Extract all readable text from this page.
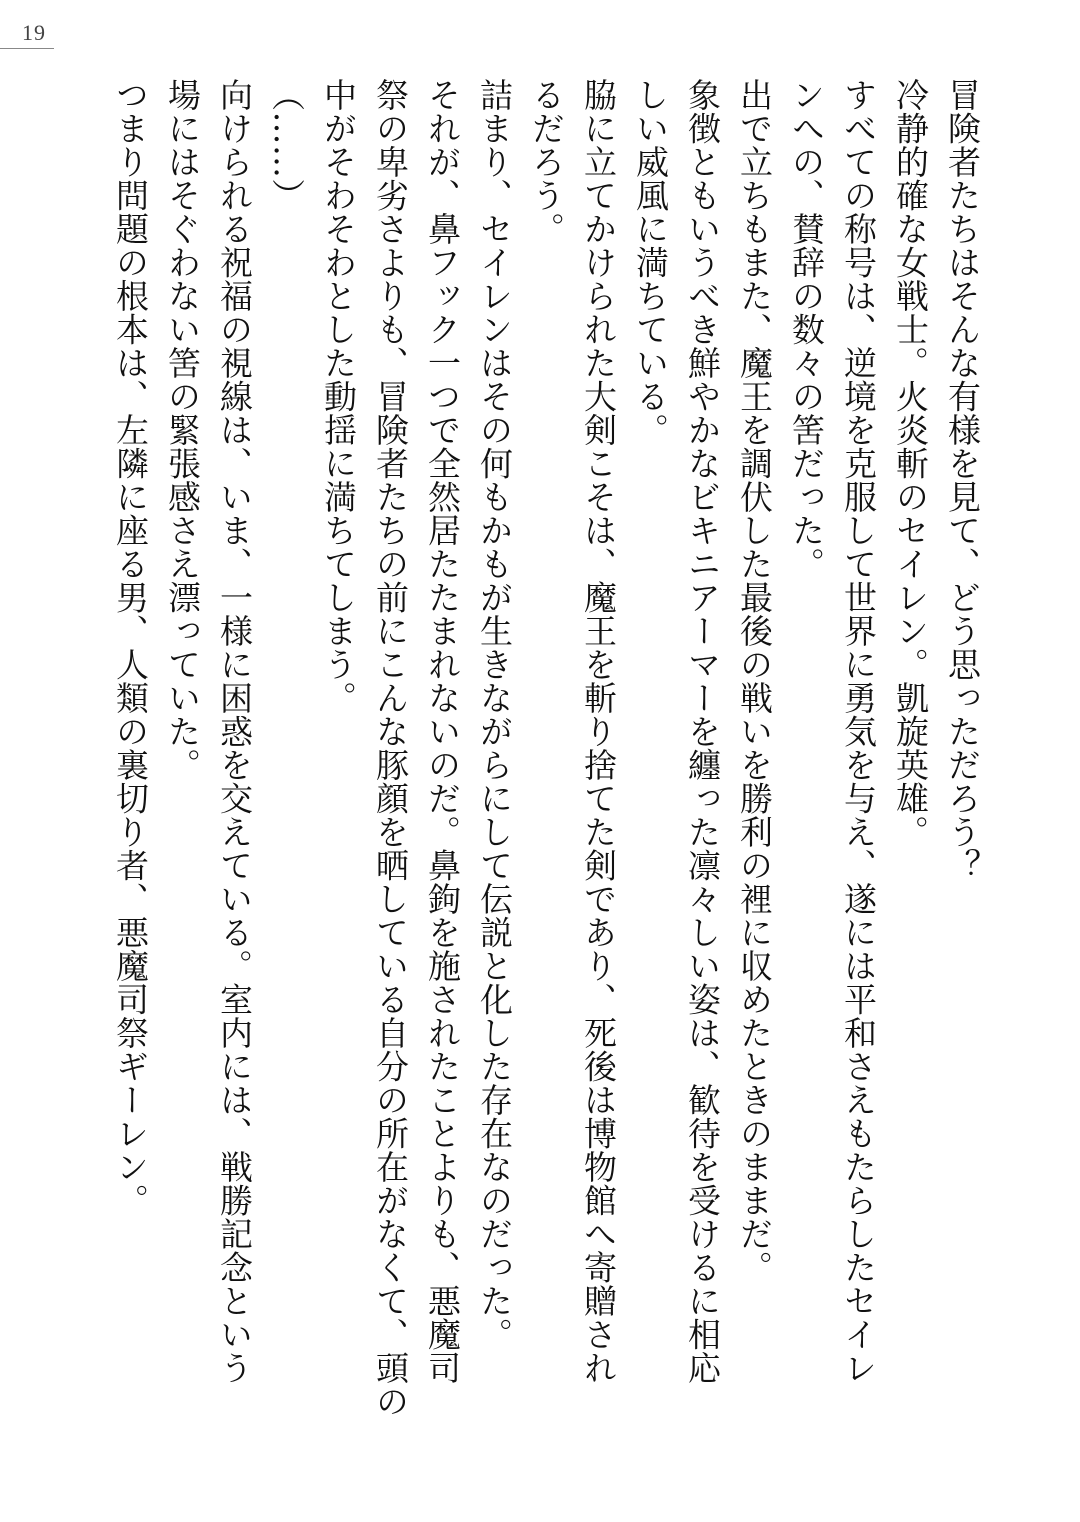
19
冒険者たちはそんな有様を見て、どう思っただろう？
冷静的確な女戦士。火炎斬のセイレン。凱旋英雄。
すべての称号は、逆境を克服して世界に勇気を与え、遂には平和さえもたらしたセイレ
ンへの、賛辞の数々の筈だった。
出で立ちもまた、魔王を調伏した最後の戦いを勝利の裡に収めたときのままだ。
象徴ともいうべき鮮やかなビキニアーマーを纏った凛々しい姿は、歓待を受けるに相応
しい威風に満ちている。
脇に立てかけられた大剣こそは、魔王を斬り捨てた剣であり、死後は博物館へ寄贈され
るだろう。
詰まり、セイレンはその何もかもが生きながらにして伝説と化した存在なのだった。
それが、鼻フック一つで全然居たたまれないのだ。鼻鉤を施されたことよりも、悪魔司
祭の卑劣さよりも、冒険者たちの前にこんな豚顔を晒している自分の所在がなくて、頭の
中がそわそわとした動揺に満ちてしまう。
（……）
向けられる祝福の視線は、いま、一様に困惑を交えている。室内には、戦勝記念という
場にはそぐわない筈の緊張感さえ漂っていた。
つまり問題の根本は、左隣に座る男、人類の裏切り者、悪魔司祭ギーレン。
